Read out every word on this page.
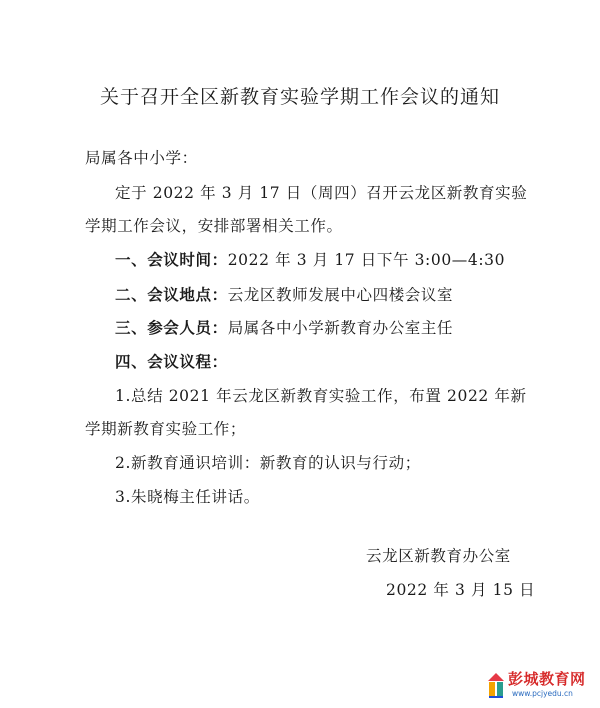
关于召开全区新教育实验学期工作会议的通知
局属各中小学：
定于 2022 年 3 月 17 日（周四）召开云龙区新教育实验
学期工作会议，安排部署相关工作。
一、会议时间：2022 年 3 月 17 日下午 3:00—4:30
二、会议地点：云龙区教师发展中心四楼会议室
三、参会人员：局属各中小学新教育办公室主任
四、会议议程：
1.总结 2021 年云龙区新教育实验工作，布置 2022 年新
学期新教育实验工作；
2.新教育通识培训：新教育的认识与行动；
3.朱晓梅主任讲话。
云龙区新教育办公室
2022 年 3 月 15 日
彭城教育网
www.pcjyedu.cn
